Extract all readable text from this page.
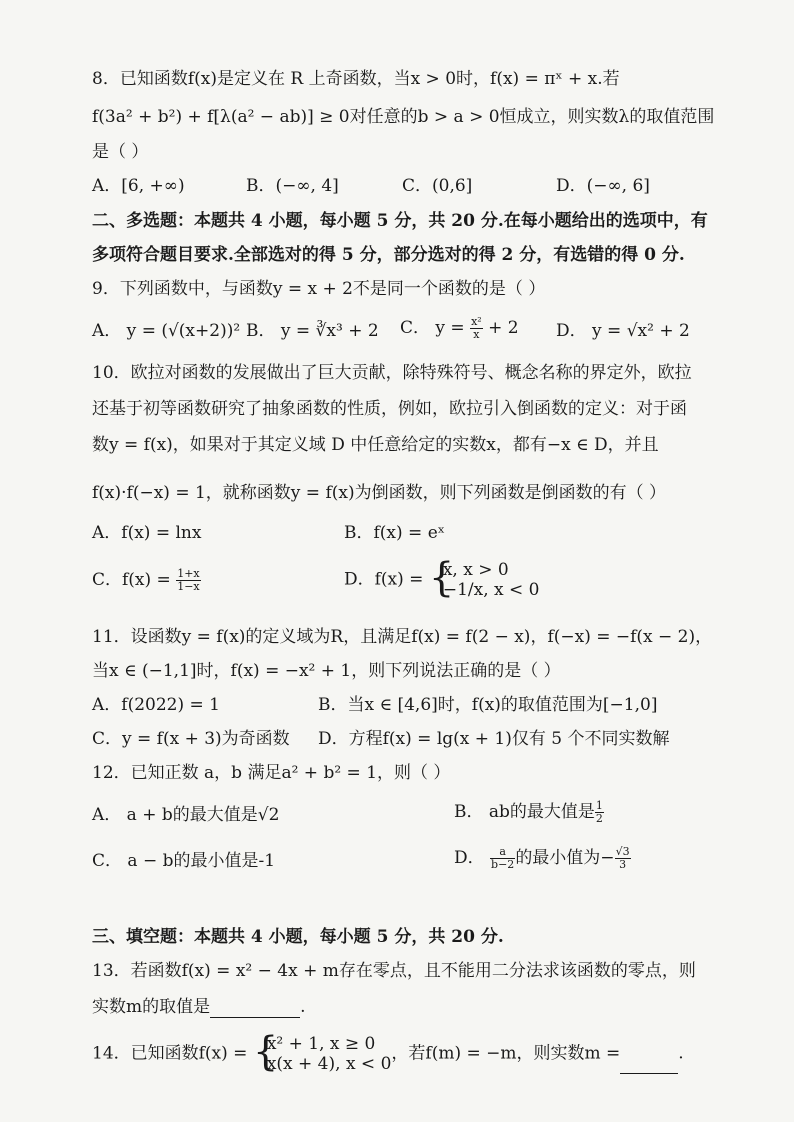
8．已知函数f(x)是定义在 R 上奇函数，当x > 0时，f(x) = πˣ + x.若
f(3a² + b²) + f[λ(a² − ab)] ≥ 0对任意的b > a > 0恒成立，则实数λ的取值范围
是（ ）
A．[6, +∞)	B．(−∞, 4]	C．(0,6]	D．(−∞, 6]
二、多选题：本题共 4 小题，每小题 5 分，共 20 分.在每小题给出的选项中，有
多项符合题目要求.全部选对的得 5 分，部分选对的得 2 分，有选错的得 0 分.
9．下列函数中，与函数y = x + 2不是同一个函数的是（ ）
A． y = (√(x+2))² B． y = ∛x³ + 2 C． $y = \frac{\text{x²}}{x} + 2$ D． y = √x² + 2
10．欧拉对函数的发展做出了巨大贡献，除特殊符号、概念名称的界定外，欧拉
还基于初等函数研究了抽象函数的性质，例如，欧拉引入倒函数的定义：对于函
数y = f(x)，如果对于其定义域 D 中任意给定的实数x，都有−x ∈ D，并且
f(x)·f(−x) = 1，就称函数y = f(x)为倒函数，则下列函数是倒函数的有（ ）
A．f(x) = lnx	B．f(x) = eˣ
C．$f(x) = \frac{1+x}{1-x}$	D．f(x) = { x, x > 0
−1/x, x < 0
11．设函数y = f(x)的定义域为R，且满足f(x) = f(2 − x)，f(−x) = −f(x − 2)，
当x ∈ (−1,1]时，f(x) = −x² + 1，则下列说法正确的是（ ）
A．f(2022) = 1	B．当x ∈ [4,6]时，f(x)的取值范围为[−1,0]
C．y = f(x + 3)为奇函数 D．方程f(x) = lg(x + 1)仅有 5 个不同实数解
12．已知正数 a，b 满足a² + b² = 1，则（ ）
A． a + b的最大值是√2	B． ab的最大值是 $\frac{1}{2}$
C． a − b的最小值是-1	D． $\frac{a}{b-2}$ 的最小值为− $\frac{√3}{3}$
三、填空题：本题共 4 小题，每小题 5 分，共 20 分.
13．若函数f(x) = x² − 4x + m存在零点，且不能用二分法求该函数的零点，则
实数m的取值是	.
14．已知函数f(x) = { x² + 1, x ≥ 0
x(x + 4), x < 0
，若f(m) = −m，则实数m =	.
